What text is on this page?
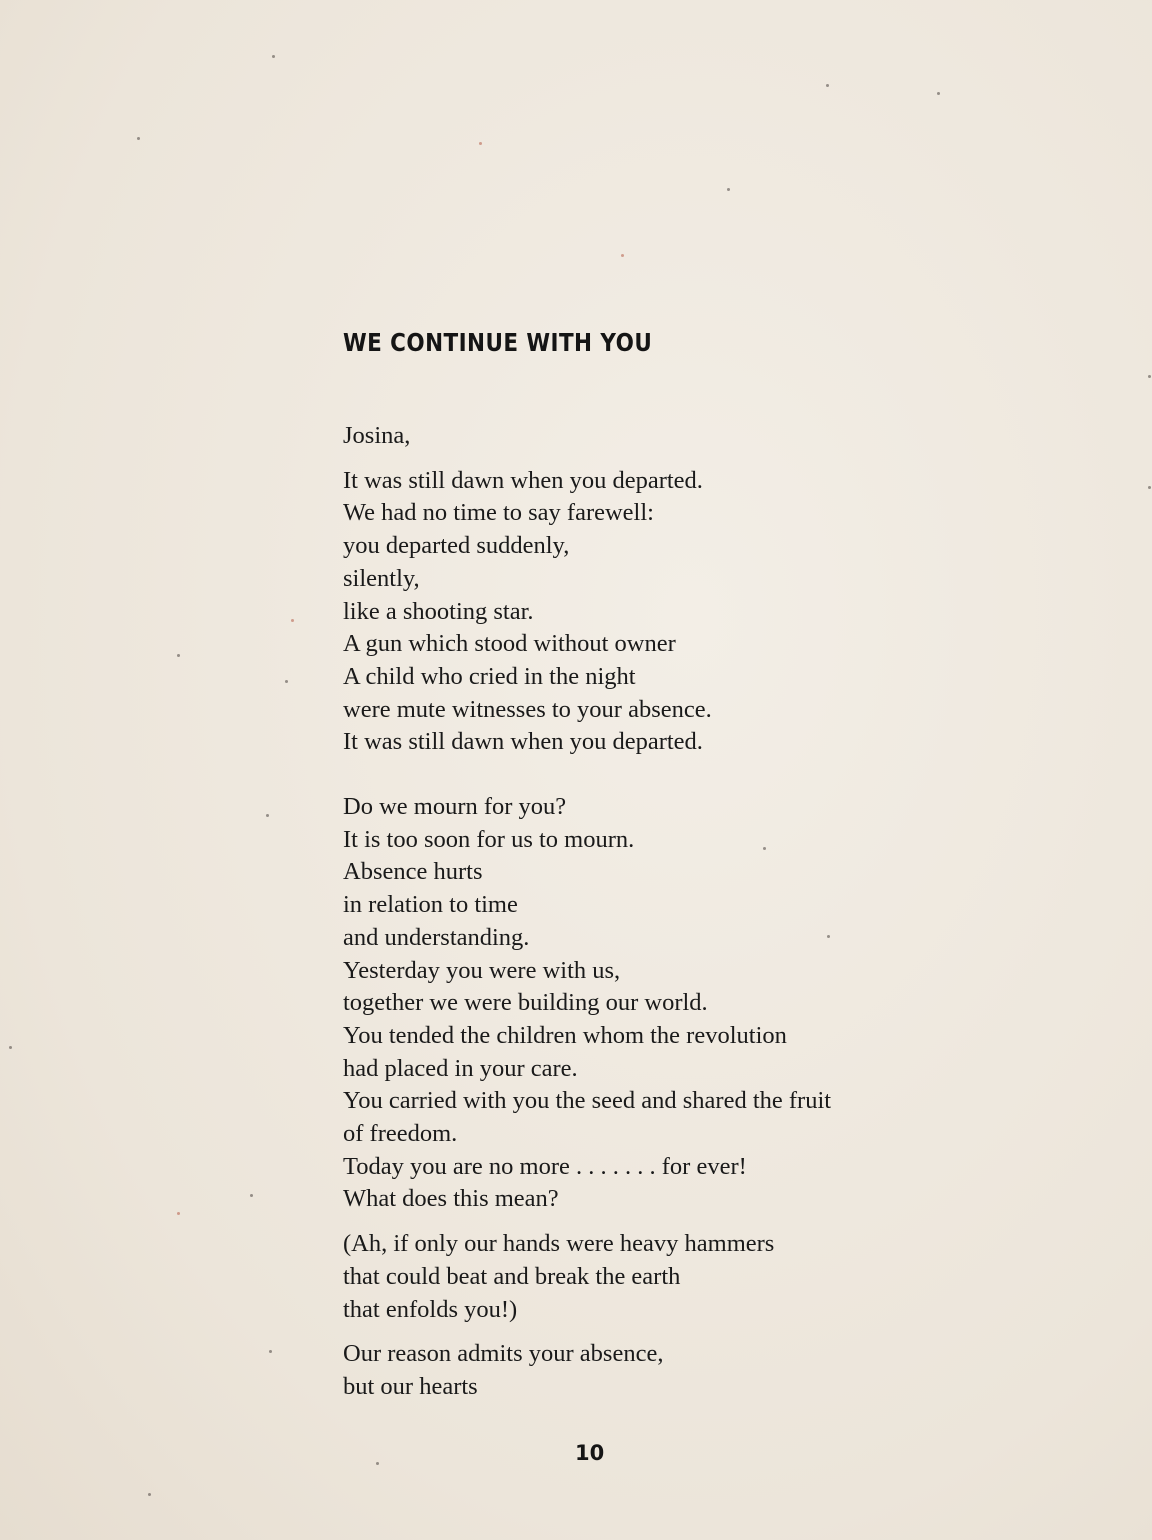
WE CONTINUE WITH YOU

Josina,

It was still dawn when you departed.
We had no time to say farewell:
you departed suddenly,
silently,
like a shooting star.
A gun which stood without owner
A child who cried in the night
were mute witnesses to your absence.
It was still dawn when you departed.

Do we mourn for you?
It is too soon for us to mourn.
Absence hurts
in relation to time
and understanding.
Yesterday you were with us,
together we were building our world.
You tended the children whom the revolution
had placed in your care.
You carried with you the seed and shared the fruit
of freedom.
Today you are no more . . . . . . . for ever!
What does this mean?

(Ah, if only our hands were heavy hammers
that could beat and break the earth
that enfolds you!)

Our reason admits your absence,
but our hearts

10
